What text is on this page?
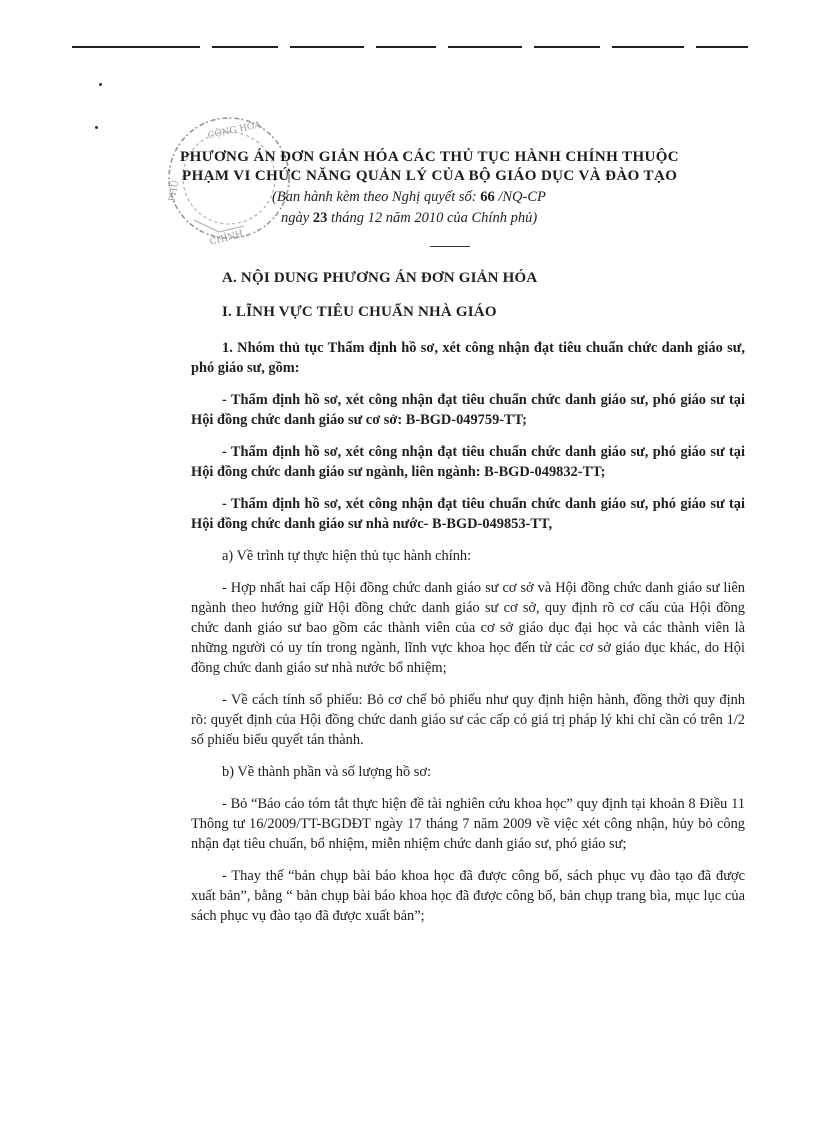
CỘNG HÒA
PHỦ
CHÍNH
PHƯƠNG ÁN ĐƠN GIẢN HÓA CÁC THỦ TỤC HÀNH CHÍNH THUỘC
PHẠM VI CHỨC NĂNG QUẢN LÝ CỦA BỘ GIÁO DỤC VÀ ĐÀO TẠO
(Ban hành kèm theo Nghị quyết số: 66 /NQ-CP
ngày 23 tháng 12 năm 2010 của Chính phủ)

A. NỘI DUNG PHƯƠNG ÁN ĐƠN GIẢN HÓA

I. LĨNH VỰC TIÊU CHUẨN NHÀ GIÁO

1. Nhóm thủ tục Thẩm định hồ sơ, xét công nhận đạt tiêu chuẩn chức danh giáo sư, phó giáo sư, gồm:

- Thẩm định hồ sơ, xét công nhận đạt tiêu chuẩn chức danh giáo sư, phó giáo sư tại Hội đồng chức danh giáo sư cơ sở: B-BGD-049759-TT;

- Thẩm định hồ sơ, xét công nhận đạt tiêu chuẩn chức danh giáo sư, phó giáo sư tại Hội đồng chức danh giáo sư ngành, liên ngành: B-BGD-049832-TT;

- Thẩm định hồ sơ, xét công nhận đạt tiêu chuẩn chức danh giáo sư, phó giáo sư tại Hội đồng chức danh giáo sư nhà nước- B-BGD-049853-TT,

a) Về trình tự thực hiện thủ tục hành chính:

- Hợp nhất hai cấp Hội đồng chức danh giáo sư cơ sở và Hội đồng chức danh giáo sư liên ngành theo hướng giữ Hội đồng chức danh giáo sư cơ sở, quy định rõ cơ cấu của Hội đồng chức danh giáo sư bao gồm các thành viên của cơ sở giáo dục đại học và các thành viên là những người có uy tín trong ngành, lĩnh vực khoa học đến từ các cơ sở giáo dục khác, do Hội đồng chức danh giáo sư nhà nước bổ nhiệm;

- Về cách tính số phiếu: Bỏ cơ chế bỏ phiếu như quy định hiện hành, đồng thời quy định rõ: quyết định của Hội đồng chức danh giáo sư các cấp có giá trị pháp lý khi chỉ cần có trên 1/2 số phiếu biểu quyết tán thành.

b) Về thành phần và số lượng hồ sơ:

- Bỏ “Báo cáo tóm tắt thực hiện đề tài nghiên cứu khoa học” quy định tại khoản 8 Điều 11 Thông tư 16/2009/TT-BGDĐT ngày 17 tháng 7 năm 2009 về việc xét công nhận, hủy bỏ công nhận đạt tiêu chuẩn, bổ nhiệm, miễn nhiệm chức danh giáo sư, phó giáo sư;

- Thay thế “bản chụp bài báo khoa học đã được công bố, sách phục vụ đào tạo đã được xuất bản”, bằng “ bản chụp bài báo khoa học đã được công bố, bản chụp trang bìa, mục lục của sách phục vụ đào tạo đã được xuất bản”;
